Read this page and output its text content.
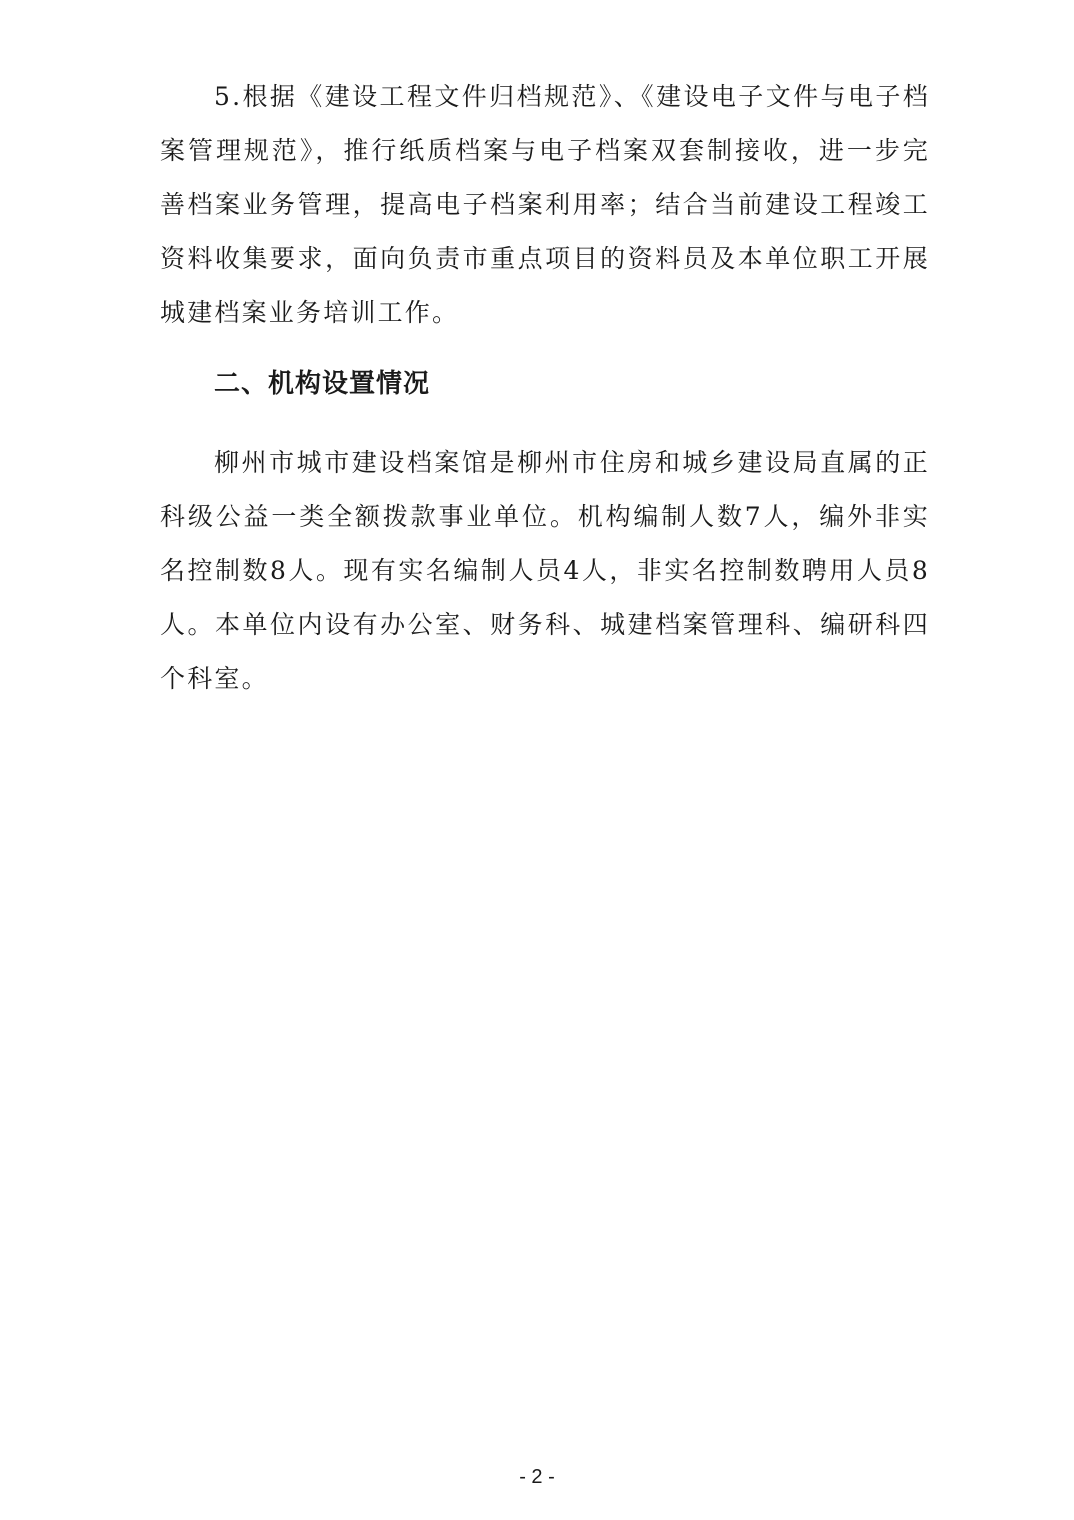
5.根据《建设工程文件归档规范》、《建设电子文件与电子档案管理规范》，推行纸质档案与电子档案双套制接收，进一步完善档案业务管理，提高电子档案利用率；结合当前建设工程竣工资料收集要求，面向负责市重点项目的资料员及本单位职工开展城建档案业务培训工作。

二、机构设置情况

柳州市城市建设档案馆是柳州市住房和城乡建设局直属的正科级公益一类全额拨款事业单位。机构编制人数7人，编外非实名控制数8人。现有实名编制人员4人，非实名控制数聘用人员8人。本单位内设有办公室、财务科、城建档案管理科、编研科四个科室。

- 2 -
